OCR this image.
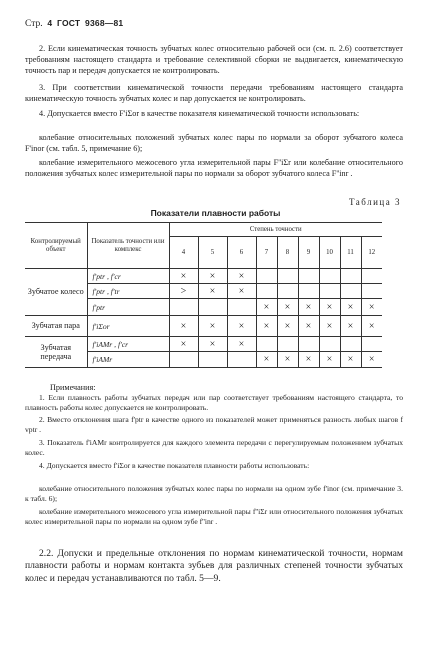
Стр. 4 ГОСТ 9368—81
2. Если кинематическая точность зубчатых колес относительно рабочей оси (см. п. 2.6) соответствует требованиям настоящего стандарта и требование селективной сборки не выдвигается, кинематическую точность пар и передач допускается не контролировать.
3. При соответствии кинематической точности передачи требованиям настоящего стандарта кинематическую точность зубчатых колес и пар допускается не контролировать.
4. Допускается вместо F'iΣor в качестве показателя кинематической точности использовать:
колебание относительных положений зубчатых колес пары по нормали за оборот зубчатого колеса F'inor (см. табл. 5, примечание 6);
колебание измерительного межосевого угла измерительной пары F''iΣr или колебание относительного положения зубчатых колес измерительной пары по нормали за оборот зубчатого колеса F''inr .
Таблица 3
Показатели плавности работы
Контролируемый объект	Показатель точности или комплекс	Степень точности								
		4	5	6	7	8	9	10	11	12
Зубчатое колесо	f'ptr , f'cr	×	×	×						
	f'ptr , f'tr	>	×	×						
	f'ptr				×	×	×	×	×	×
Зубчатая пара	f'iΣor	×	×	×	×	×	×	×	×	×
Зубчатая передача	f'iAMr , f'cr	×	×	×						
	f'iAMr				×	×	×	×	×	×
Примечания:
1. Если плавность работы зубчатых передач или пар соответствует требованиям настоящего стандарта, то плавность работы колес допускается не контролировать.
2. Вместо отклонения шага f'ptr в качестве одного из показателей может применяться разность любых шагов f vptr .
3. Показатель f'iAMr контролируется для каждого элемента передачи с перегулируемым положением зубчатых колес.
4. Допускается вместо f'iΣor в качестве показателя плавности работы использовать:
колебание относительного положения зубчатых колес пары по нормали на одном зубе f'inor (см. примечание 3. к табл. 6);
колебание измерительного межосевого угла измерительной пары f''iΣr или относительного положения зубчатых колес измерительной пары по нормали на одном зубе f''inr .
2.2. Допуски и предельные отклонения по нормам кинематической точности, нормам плавности работы и нормам контакта зубьев для различных степеней точности зубчатых колес и передач устанавливаются по табл. 5—9.
